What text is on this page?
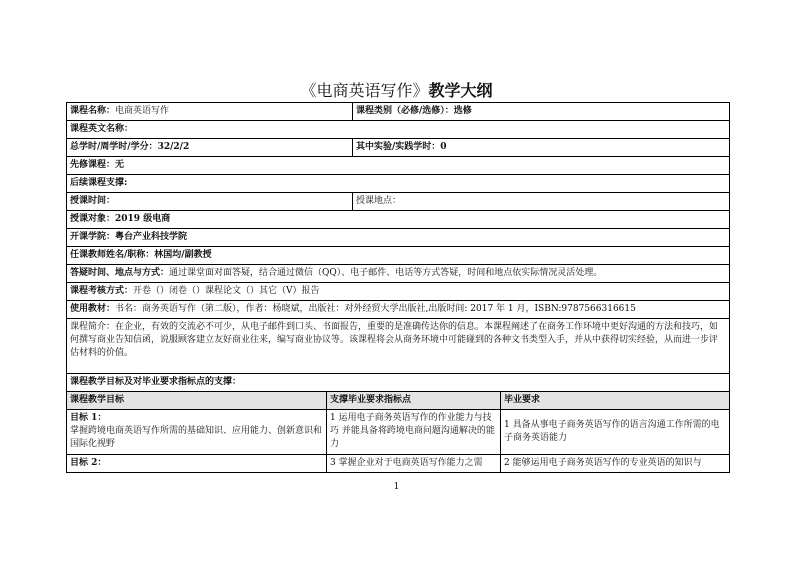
《电商英语写作》教学大纲
课程名称：电商英语写作		课程类别（必修/选修）：选修	
课程英文名称：			
总学时/周学时/学分：32/2/2		其中实验/实践学时：0	
先修课程：无			
后续课程支撑:			
授课时间：		授课地点：	
授课对象：2019 级电商			
开课学院：粤台产业科技学院			
任课教师姓名/职称：林国均/副教授			
答疑时间、地点与方式：通过课堂面对面答疑，结合通过微信（QQ）、电子邮件、电话等方式答疑，时间和地点依实际情况灵活处理。			
课程考核方式：开卷（）闭卷（）课程论文（）其它（V）报告			
使用教材：书名：商务英语写作（第二版），作者：杨晓斌，出版社：对外经贸大学出版社,出版时间: 2017 年 1 月，ISBN:9787566316615			
课程简介：在企业，有效的交流必不可少，从电子邮件到口头、书面报告，重要的是准确传达你的信息。本课程阐述了在商务工作环境中更好沟通的方法和技巧，如何撰写商业告知信函，说服顾客建立友好商业往来，编写商业协议等。该课程将会从商务环境中可能碰到的各种文书类型入手，并从中获得切实经验，从而进一步评估材料的价值。			
课程教学目标及对毕业要求指标点的支撑：			
课程教学目标	支撑毕业要求指标点		毕业要求
目标 1：
掌握跨境电商英语写作所需的基础知识、应用能力、创新意识和国际化视野	1 运用电子商务英语写作的作业能力与技巧 并能具备将跨境电商问题沟通解决的能力		1 具备从事电子商务英语写作的语言沟通工作所需的电子商务英语能力
目标 2：	3 掌握企业对于电商英语写作能力之需		2 能够运用电子商务英语写作的专业英语的知识与
1
